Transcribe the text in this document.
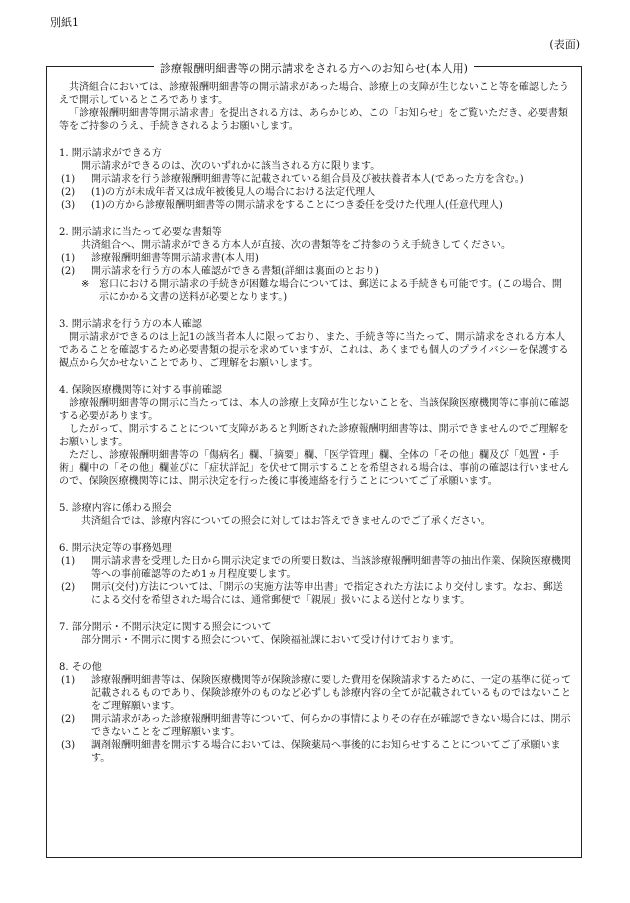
別紙1
(表面)
診療報酬明細書等の開示請求をされる方へのお知らせ(本人用)

共済組合においては、診療報酬明細書等の開示請求があった場合、診療上の支障が生じないこと等を確認したうえで開示しているところであります。

「診療報酬明細書等開示請求書」を提出される方は、あらかじめ、この「お知らせ」をご覧いただき、必要書類等をご持参のうえ、手続きされるようお願いします。

1. 開示請求ができる方

開示請求ができるのは、次のいずれかに該当される方に限ります。

(1)	開示請求を行う診療報酬明細書等に記載されている組合員及び被扶養者本人(であった方を含む。)
(2)	(1)の方が未成年者又は成年被後見人の場合における法定代理人
(3)	(1)の方から診療報酬明細書等の開示請求をすることにつき委任を受けた代理人(任意代理人)

2. 開示請求に当たって必要な書類等

共済組合へ、開示請求ができる方本人が直接、次の書類等をご持参のうえ手続きしてください。

(1)	診療報酬明細書等開示請求書(本人用)
(2)	開示請求を行う方の本人確認ができる書類(詳細は裏面のとおり)
※ 窓口における開示請求の手続きが困難な場合については、郵送による手続きも可能です。(この場合、開示にかかる文書の送料が必要となります。)

3. 開示請求を行う方の本人確認

開示請求ができるのは上記1の該当者本人に限っており、また、手続き等に当たって、開示請求をされる方本人であることを確認するため必要書類の提示を求めていますが、これは、あくまでも個人のプライバシーを保護する観点から欠かせないことであり、ご理解をお願いします。

4. 保険医療機関等に対する事前確認

診療報酬明細書等の開示に当たっては、本人の診療上支障が生じないことを、当該保険医療機関等に事前に確認する必要があります。

したがって、開示することについて支障があると判断された診療報酬明細書等は、開示できませんのでご理解をお願いします。

ただし、診療報酬明細書等の「傷病名」欄、「摘要」欄、「医学管理」欄、全体の「その他」欄及び「処置・手術」欄中の「その他」欄並びに「症状詳記」を伏せて開示することを希望される場合は、事前の確認は行いませんので、保険医療機関等には、開示決定を行った後に事後連絡を行うことについてご了承願います。

5. 診療内容に係わる照会

共済組合では、診療内容についての照会に対してはお答えできませんのでご了承ください。

6. 開示決定等の事務処理

(1)	開示請求書を受理した日から開示決定までの所要日数は、当該診療報酬明細書等の抽出作業、保険医療機関等への事前確認等のため1ヵ月程度要します。
(2)	開示(交付)方法については、「開示の実施方法等申出書」で指定された方法により交付します。なお、郵送による交付を希望された場合には、通常郵便で「親展」扱いによる送付となります。

7. 部分開示・不開示決定に関する照会について

部分開示・不開示に関する照会について、保険福祉課において受け付けております。

8. その他

(1)	診療報酬明細書等は、保険医療機関等が保険診療に要した費用を保険請求するために、一定の基準に従って記載されるものであり、保険診療外のものなど必ずしも診療内容の全てが記載されているものではないことをご理解願います。
(2)	開示請求があった診療報酬明細書等について、何らかの事情によりその存在が確認できない場合には、開示できないことをご理解願います。
(3)	調剤報酬明細書を開示する場合においては、保険薬局へ事後的にお知らせすることについてご了承願います。
